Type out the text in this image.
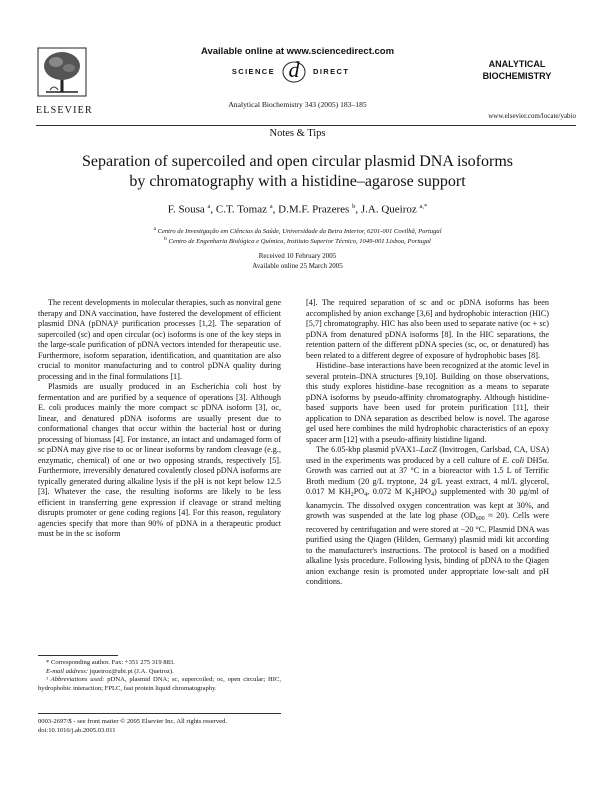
ELSEVIER
Available online at www.sciencedirect.com
SCIENCE d	DIRECT
Analytical Biochemistry 343 (2005) 183–185
ANALYTICAL
BIOCHEMISTRY
www.elsevier.com/locate/yabio
Notes & Tips
Separation of supercoiled and open circular plasmid DNA isoforms
by chromatography with a histidine–agarose support
F. Sousa $^a$, C.T. Tomaz $^a$, D.M.F. Prazeres $^b$, J.A. Queiroz $^{a,*}$
$^a$ Centro de Investigação em Ciências da Saúde, Universidade da Beira Interior, 6201-001 Covilhã, Portugal
$^b$ Centro de Engenharia Biológica e Química, Instituto Superior Técnico, 1049-001 Lisboa, Portugal
Received 10 February 2005
Available online 25 March 2005

The recent developments in molecular therapies, such as nonviral gene therapy and DNA vaccination, have fostered the development of efficient plasmid DNA (pDNA)¹ purification processes [1,2]. The separation of supercoiled (sc) and open circular (oc) isoforms is one of the key steps in the large-scale purification of pDNA vectors intended for therapeutic use. Furthermore, isoform separation, identification, and quantitation are also crucial to monitor manufacturing and to control pDNA quality during processing and in the final formulations [1].

Plasmids are usually produced in an Escherichia coli host by fermentation and are purified by a sequence of operations [3]. Although E. coli produces mainly the more compact sc pDNA isoform [3], oc, linear, and denatured pDNA isoforms are usually present due to conformational changes that occur within the bacterial host or during processing of biomass [4]. For instance, an intact and undamaged form of sc pDNA may give rise to oc or linear isoforms by random cleavage (e.g., enzymatic, chemical) of one or two opposing strands, respectively [5]. Furthermore, irreversibly denatured covalently closed pDNA isoforms are typically generated during alkaline lysis if the pH is not kept below 12.5 [3]. Whatever the case, the resulting isoforms are likely to be less efficient in transferring gene expression if cleavage or strand melting disrupts promoter or gene coding regions [4]. For this reason, regulatory agencies specify that more than 90% of pDNA in a therapeutic product must be in the sc isoform

[4]. The required separation of sc and oc pDNA isoforms has been accomplished by anion exchange [3,6] and hydrophobic interaction (HIC) [5,7] chromatography. HIC has also been used to separate native (oc + sc) pDNA from denatured pDNA isoforms [8]. In the HIC separations, the retention pattern of the different pDNA species (sc, oc, or denatured) has been related to a different degree of exposure of hydrophobic bases [8].

Histidine–base interactions have been recognized at the atomic level in several protein–DNA structures [9,10]. Building on those observations, this study explores histidine–base recognition as a means to separate pDNA isoforms by pseudo-affinity chromatography. Although histidine-based supports have been used for protein purification [11], their application to DNA separation as described below is novel. The agarose gel used here combines the mild hydrophobic characteristics of an epoxy spacer arm [12] with a pseudo-affinity histidine ligand.

The 6.05-kbp plasmid pVAX1–LacZ (Invitrogen, Carlsbad, CA, USA) used in the experiments was produced by a cell culture of E. coli DH5α. Growth was carried out at 37 °C in a bioreactor with 1.5 L of Terrific Broth medium (20 g/L tryptone, 24 g/L yeast extract, 4 ml/L glycerol, 0.017 M $KH_2PO_4$, 0.072 M $K_2HPO_4$) supplemented with 30 μg/ml of kanamycin. The dissolved oxygen concentration was kept at 30%, and growth was suspended at the late log phase $(OD_{600} \approx 20)$. Cells were recovered by centrifugation and were stored at −20 °C. Plasmid DNA was purified using the Qiagen (Hilden, Germany) plasmid midi kit according to the manufacturer's instructions. The protocol is based on a modified alkaline lysis procedure. Following lysis, binding of pDNA to the Qiagen anion exchange resin is promoted under appropriate low-salt and pH conditions.

* Corresponding author. Fax: +351 275 319 883.

E-mail address: jqueiroz@ubi.pt (J.A. Queiroz).

¹ Abbreviations used: pDNA, plasmid DNA; sc, supercoiled; oc, open circular; HIC, hydrophobic interaction; FPLC, fast protein liquid chromatography.

0003-2697/$ - see front matter © 2005 Elsevier Inc. All rights reserved.
doi:10.1016/j.ab.2005.03.011
